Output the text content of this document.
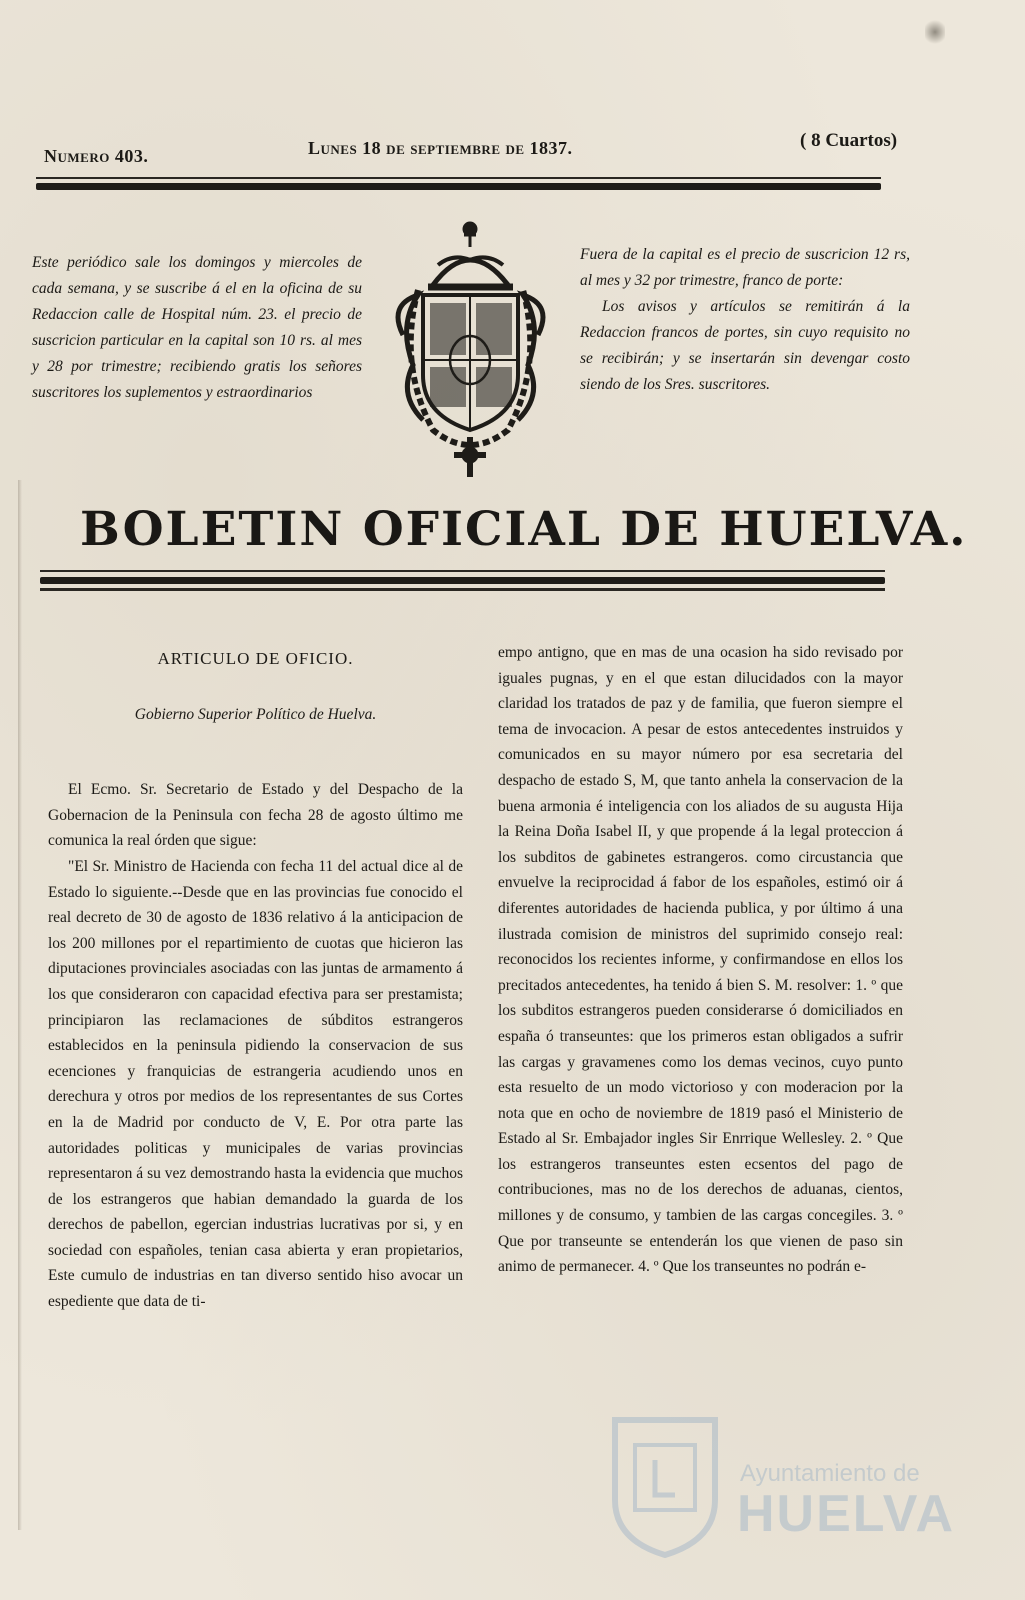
Numero 403.	Lunes 18 de septiembre de 1837.	( 8 Cuartos)

Este periódico sale los domingos y miercoles de cada semana, y se suscribe á el en la oficina de su Redaccion calle de Hospital núm. 23. el precio de suscricion particular en la capital son 10 rs. al mes y 28 por trimestre; recibiendo gratis los señores suscritores los suplementos y estraordinarios

Fuera de la capital es el precio de suscricion 12 rs, al mes y 32 por trimestre, franco de porte:

Los avisos y artículos se remitirán á la Redaccion francos de portes, sin cuyo requisito no se recibirán; y se insertarán sin devengar costo siendo de los Sres. suscritores.

BOLETIN OFICIAL DE HUELVA.

ARTICULO DE OFICIO.

Gobierno Superior Político de Huelva.

El Ecmo. Sr. Secretario de Estado y del Despacho de la Gobernacion de la Peninsula con fecha 28 de agosto último me comunica la real órden que sigue:

"El Sr. Ministro de Hacienda con fecha 11 del actual dice al de Estado lo siguiente.--Desde que en las provincias fue conocido el real decreto de 30 de agosto de 1836 relativo á la anticipacion de los 200 millones por el repartimiento de cuotas que hicieron las diputaciones provinciales asociadas con las juntas de armamento á los que consideraron con capacidad efectiva para ser prestamista; principiaron las reclamaciones de súbditos estrangeros establecidos en la peninsula pidiendo la conservacion de sus ecenciones y franquicias de estrangeria acudiendo unos en derechura y otros por medios de los representantes de sus Cortes en la de Madrid por conducto de V, E. Por otra parte las autoridades politicas y municipales de varias provincias representaron á su vez demostrando hasta la evidencia que muchos de los estrangeros que habian demandado la guarda de los derechos de pabellon, egercian industrias lucrativas por si, y en sociedad con españoles, tenian casa abierta y eran propietarios, Este cumulo de industrias en tan diverso sentido hiso avocar un espediente que data de ti-

empo antigno, que en mas de una ocasion ha sido revisado por iguales pugnas, y en el que estan dilucidados con la mayor claridad los tratados de paz y de familia, que fueron siempre el tema de invocacion. A pesar de estos antecedentes instruidos y comunicados en su mayor número por esa secretaria del despacho de estado S, M, que tanto anhela la conservacion de la buena armonia é inteligencia con los aliados de su augusta Hija la Reina Doña Isabel II, y que propende á la legal proteccion á los subditos de gabinetes estrangeros. como circustancia que envuelve la reciprocidad á fabor de los españoles, estimó oir á diferentes autoridades de hacienda publica, y por último á una ilustrada comision de ministros del suprimido consejo real: reconocidos los recientes informe, y confirmandose en ellos los precitados antecedentes, ha tenido á bien S. M. resolver: 1. º que los subditos estrangeros pueden considerarse ó domiciliados en españa ó transeuntes: que los primeros estan obligados a sufrir las cargas y gravamenes como los demas vecinos, cuyo punto esta resuelto de un modo victorioso y con moderacion por la nota que en ocho de noviembre de 1819 pasó el Ministerio de Estado al Sr. Embajador ingles Sir Enrrique Wellesley. 2. º Que los estrangeros transeuntes esten ecsentos del pago de contribuciones, mas no de los derechos de aduanas, cientos, millones y de consumo, y tambien de las cargas concegiles. 3. º Que por transeunte se entenderán los que vienen de paso sin animo de permanecer. 4. º Que los transeuntes no podrán e-

Ayuntamiento de
HUELVA
